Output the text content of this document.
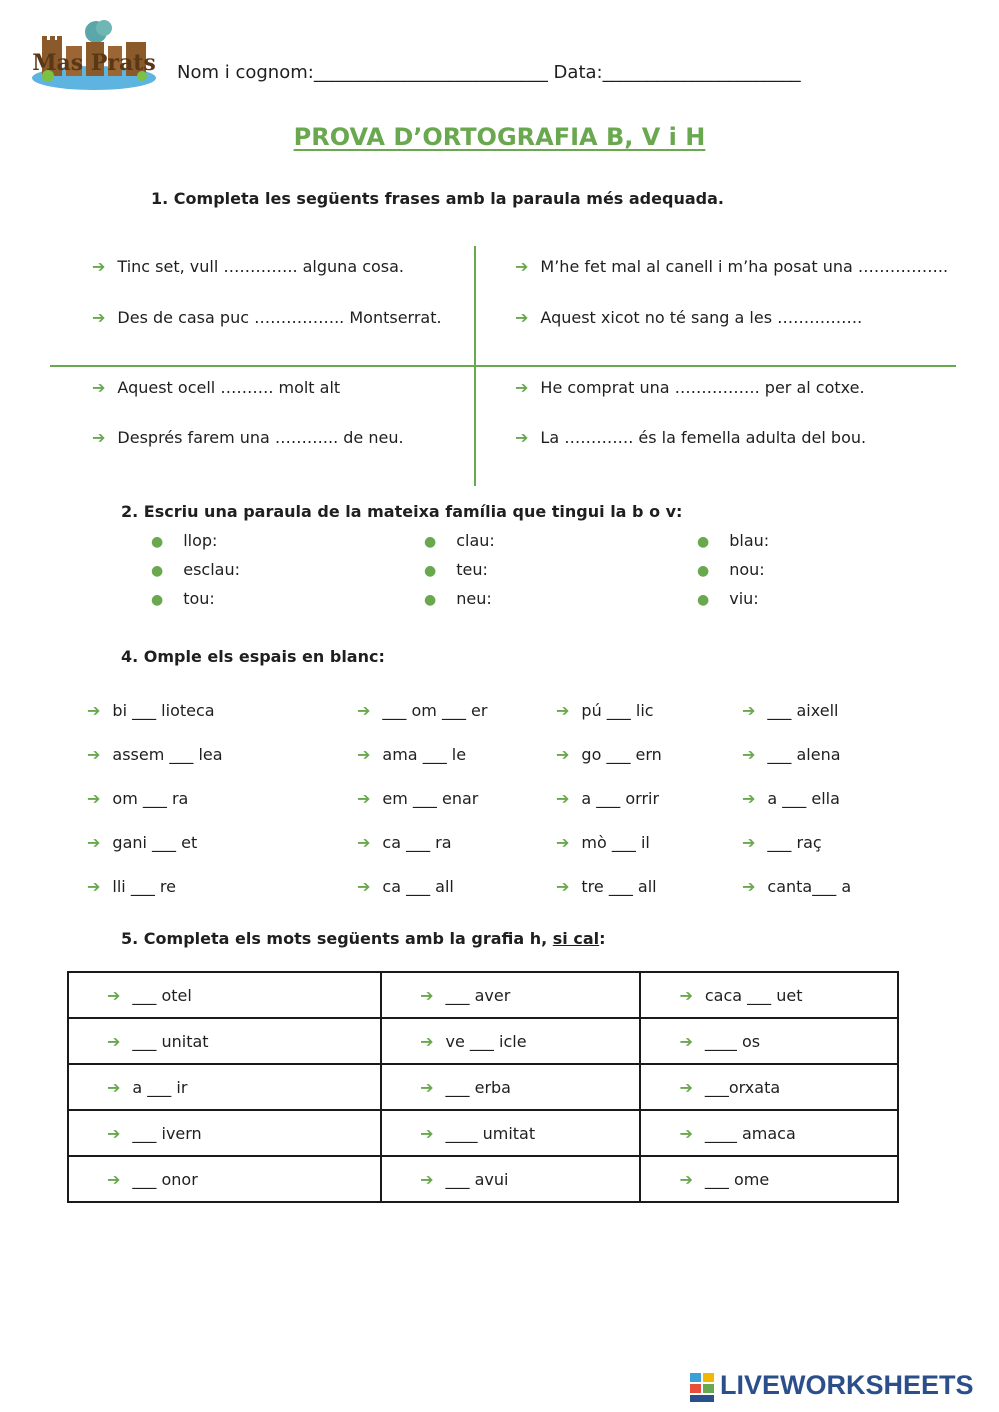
Mas Prats Nom i cognom:__________________________ Data:______________________
PROVA D’ORTOGRAFIA B, V i H
1. Completa les següents frases amb la paraula més adequada.
➔ Tinc set, vull ………….. alguna cosa.	➔ M’he fet mal al canell i m’ha posat una ……………..
➔ Des de casa puc …………….. Montserrat.	➔ Aquest xicot no té sang a les …………….
➔ Aquest ocell ………. molt alt	➔ He comprat una ……………. per al cotxe.
➔ Després farem una ………... de neu.	➔ La …………. és la femella adulta del bou.
2. Escriu una paraula de la mateixa família que tingui la b o v:
● llop:	● clau:	● blau:
● esclau:	● teu:	● nou:
● tou:	● neu:	● viu:
4. Omple els espais en blanc:
➔ bi ___ lioteca	➔ ___ om ___ er	➔ pú ___ lic	➔ ___ aixell
➔ assem ___ lea	➔ ama ___ le	➔ go ___ ern	➔ ___ alena
➔ om ___ ra	➔ em ___ enar	➔ a ___ orrir	➔ a ___ ella
➔ gani ___ et	➔ ca ___ ra	➔ mò ___ il	➔ ___ raç
➔ lli ___ re	➔ ca ___ all	➔ tre ___ all	➔ canta___ a
5. Completa els mots següents amb la grafia h, si cal:
➔ ___ otel	➔ ___ aver	➔ caca ___ uet
➔ ___ unitat	➔ ve ___ icle	➔ ____ os
➔ a ___ ir	➔ ___ erba	➔ ___orxata
➔ ___ ivern	➔ ____ umitat	➔ ____ amaca
➔ ___ onor	➔ ___ avui	➔ ___ ome
LIVEWORKSHEETS
